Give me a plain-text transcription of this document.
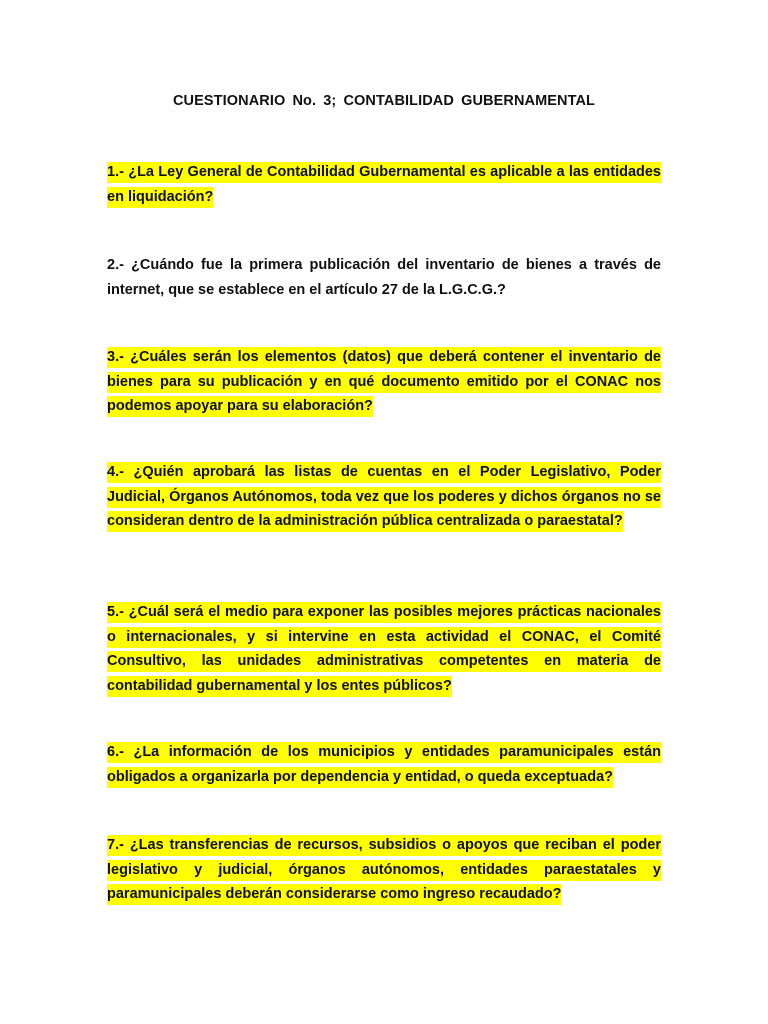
CUESTIONARIO No. 3; CONTABILIDAD GUBERNAMENTAL

1.- ¿La Ley General de Contabilidad Gubernamental es aplicable a las entidades en liquidación?

2.- ¿Cuándo fue la primera publicación del inventario de bienes a través de internet, que se establece en el artículo 27 de la L.G.C.G.?

3.- ¿Cuáles serán los elementos (datos) que deberá contener el inventario de bienes para su publicación y en qué documento emitido por el CONAC nos podemos apoyar para su elaboración?

4.- ¿Quién aprobará las listas de cuentas en el Poder Legislativo, Poder Judicial, Órganos Autónomos, toda vez que los poderes y dichos órganos no se consideran dentro de la administración pública centralizada o paraestatal?

5.- ¿Cuál será el medio para exponer las posibles mejores prácticas nacionales o internacionales, y si intervine en esta actividad el CONAC, el Comité Consultivo, las unidades administrativas competentes en materia de contabilidad gubernamental y los entes públicos?

6.- ¿La información de los municipios y entidades paramunicipales están obligados a organizarla por dependencia y entidad, o queda exceptuada?

7.- ¿Las transferencias de recursos, subsidios o apoyos que reciban el poder legislativo y judicial, órganos autónomos, entidades paraestatales y paramunicipales deberán considerarse como ingreso recaudado?
